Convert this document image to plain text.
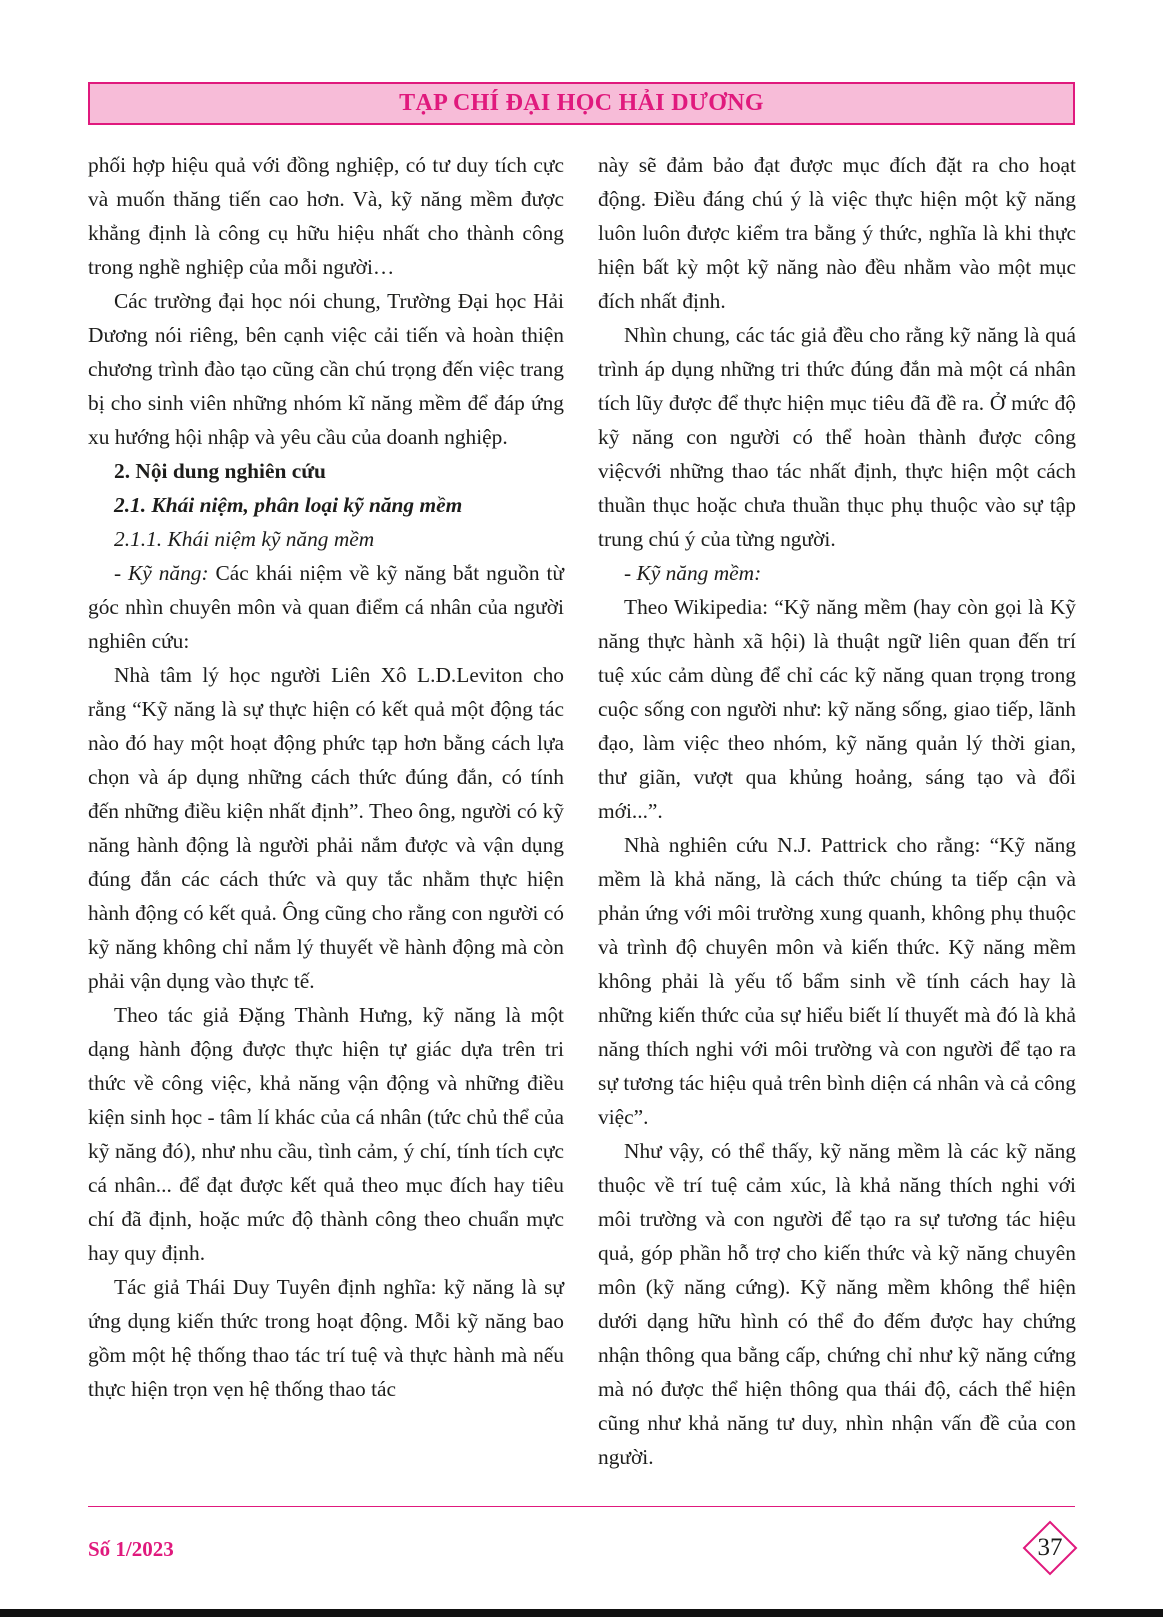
TẠP CHÍ ĐẠI HỌC HẢI DƯƠNG

phối hợp hiệu quả với đồng nghiệp, có tư duy tích cực và muốn thăng tiến cao hơn. Và, kỹ năng mềm được khẳng định là công cụ hữu hiệu nhất cho thành công trong nghề nghiệp của mỗi người…

Các trường đại học nói chung, Trường Đại học Hải Dương nói riêng, bên cạnh việc cải tiến và hoàn thiện chương trình đào tạo cũng cần chú trọng đến việc trang bị cho sinh viên những nhóm kĩ năng mềm để đáp ứng xu hướng hội nhập và yêu cầu của doanh nghiệp.

2. Nội dung nghiên cứu

2.1. Khái niệm, phân loại kỹ năng mềm

2.1.1. Khái niệm kỹ năng mềm

- Kỹ năng: Các khái niệm về kỹ năng bắt nguồn từ góc nhìn chuyên môn và quan điểm cá nhân của người nghiên cứu:

Nhà tâm lý học người Liên Xô L.D.Leviton cho rằng “Kỹ năng là sự thực hiện có kết quả một động tác nào đó hay một hoạt động phức tạp hơn bằng cách lựa chọn và áp dụng những cách thức đúng đắn, có tính đến những điều kiện nhất định”. Theo ông, người có kỹ năng hành động là người phải nắm được và vận dụng đúng đắn các cách thức và quy tắc nhằm thực hiện hành động có kết quả. Ông cũng cho rằng con người có kỹ năng không chỉ nắm lý thuyết về hành động mà còn phải vận dụng vào thực tế.

Theo tác giả Đặng Thành Hưng, kỹ năng là một dạng hành động được thực hiện tự giác dựa trên tri thức về công việc, khả năng vận động và những điều kiện sinh học - tâm lí khác của cá nhân (tức chủ thể của kỹ năng đó), như nhu cầu, tình cảm, ý chí, tính tích cực cá nhân... để đạt được kết quả theo mục đích hay tiêu chí đã định, hoặc mức độ thành công theo chuẩn mực hay quy định.

Tác giả Thái Duy Tuyên định nghĩa: kỹ năng là sự ứng dụng kiến thức trong hoạt động. Mỗi kỹ năng bao gồm một hệ thống thao tác trí tuệ và thực hành mà nếu thực hiện trọn vẹn hệ thống thao tác

này sẽ đảm bảo đạt được mục đích đặt ra cho hoạt động. Điều đáng chú ý là việc thực hiện một kỹ năng luôn luôn được kiểm tra bằng ý thức, nghĩa là khi thực hiện bất kỳ một kỹ năng nào đều nhằm vào một mục đích nhất định.

Nhìn chung, các tác giả đều cho rằng kỹ năng là quá trình áp dụng những tri thức đúng đắn mà một cá nhân tích lũy được để thực hiện mục tiêu đã đề ra. Ở mức độ kỹ năng con người có thể hoàn thành được công việcvới những thao tác nhất định, thực hiện một cách thuần thục hoặc chưa thuần thục phụ thuộc vào sự tập trung chú ý của từng người.

- Kỹ năng mềm:

Theo Wikipedia: “Kỹ năng mềm (hay còn gọi là Kỹ năng thực hành xã hội) là thuật ngữ liên quan đến trí tuệ xúc cảm dùng để chỉ các kỹ năng quan trọng trong cuộc sống con người như: kỹ năng sống, giao tiếp, lãnh đạo, làm việc theo nhóm, kỹ năng quản lý thời gian, thư giãn, vượt qua khủng hoảng, sáng tạo và đổi mới...”.

Nhà nghiên cứu N.J. Pattrick cho rằng: “Kỹ năng mềm là khả năng, là cách thức chúng ta tiếp cận và phản ứng với môi trường xung quanh, không phụ thuộc và trình độ chuyên môn và kiến thức. Kỹ năng mềm không phải là yếu tố bẩm sinh về tính cách hay là những kiến thức của sự hiểu biết lí thuyết mà đó là khả năng thích nghi với môi trường và con người để tạo ra sự tương tác hiệu quả trên bình diện cá nhân và cả công việc”.

Như vậy, có thể thấy, kỹ năng mềm là các kỹ năng thuộc về trí tuệ cảm xúc, là khả năng thích nghi với môi trường và con người để tạo ra sự tương tác hiệu quả, góp phần hỗ trợ cho kiến thức và kỹ năng chuyên môn (kỹ năng cứng). Kỹ năng mềm không thể hiện dưới dạng hữu hình có thể đo đếm được hay chứng nhận thông qua bằng cấp, chứng chỉ như kỹ năng cứng mà nó được thể hiện thông qua thái độ, cách thể hiện cũng như khả năng tư duy, nhìn nhận vấn đề của con người.

Số 1/2023	37
